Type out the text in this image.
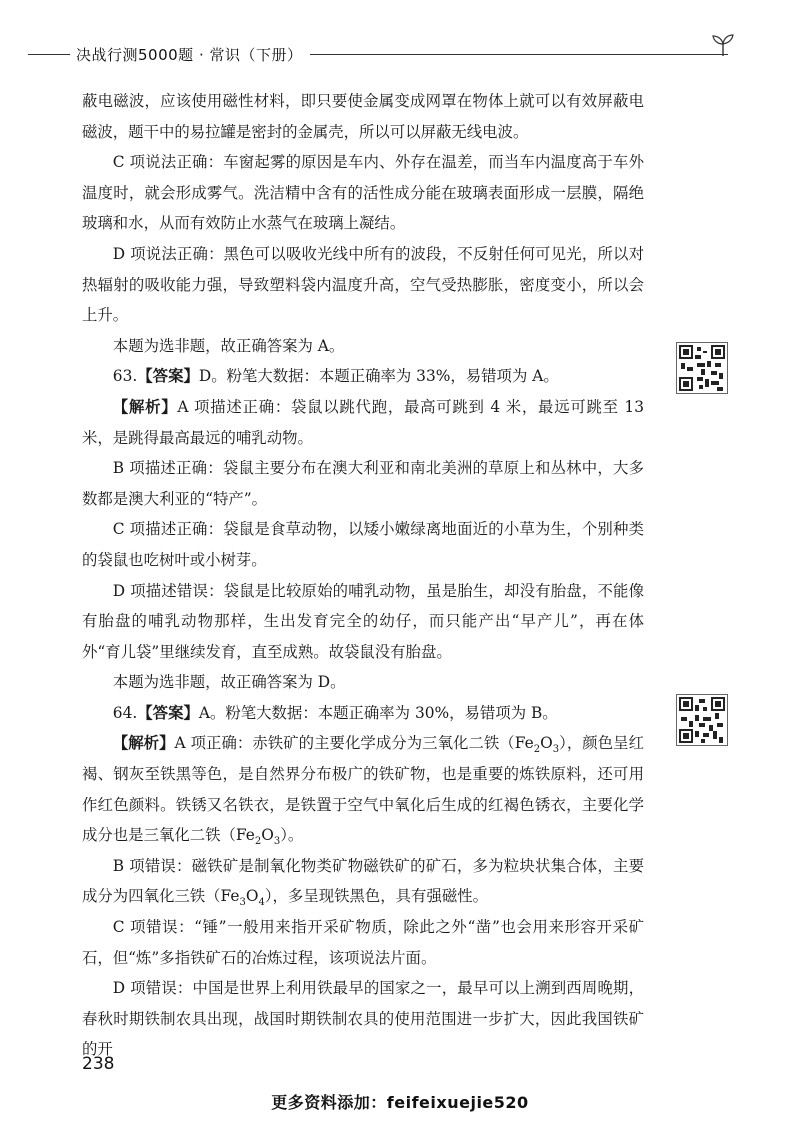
决战行测5000题 · 常识（下册）

蔽电磁波，应该使用磁性材料，即只要使金属变成网罩在物体上就可以有效屏蔽电磁波，题干中的易拉罐是密封的金属壳，所以可以屏蔽无线电波。

C 项说法正确：车窗起雾的原因是车内、外存在温差，而当车内温度高于车外温度时，就会形成雾气。洗洁精中含有的活性成分能在玻璃表面形成一层膜，隔绝玻璃和水，从而有效防止水蒸气在玻璃上凝结。

D 项说法正确：黑色可以吸收光线中所有的波段，不反射任何可见光，所以对热辐射的吸收能力强，导致塑料袋内温度升高，空气受热膨胀，密度变小，所以会上升。

本题为选非题，故正确答案为 A。

63.【答案】D。粉笔大数据：本题正确率为 33%，易错项为 A。

【解析】A 项描述正确：袋鼠以跳代跑，最高可跳到 4 米，最远可跳至 13 米，是跳得最高最远的哺乳动物。

B 项描述正确：袋鼠主要分布在澳大利亚和南北美洲的草原上和丛林中，大多数都是澳大利亚的“特产”。

C 项描述正确：袋鼠是食草动物，以矮小嫩绿离地面近的小草为生，个别种类的袋鼠也吃树叶或小树芽。

D 项描述错误：袋鼠是比较原始的哺乳动物，虽是胎生，却没有胎盘，不能像有胎盘的哺乳动物那样，生出发育完全的幼仔，而只能产出“早产儿”，再在体外“育儿袋”里继续发育，直至成熟。故袋鼠没有胎盘。

本题为选非题，故正确答案为 D。

64.【答案】A。粉笔大数据：本题正确率为 30%，易错项为 B。

【解析】A 项正确：赤铁矿的主要化学成分为三氧化二铁$(Fe_2O_3)$，颜色呈红褐、钢灰至铁黑等色，是自然界分布极广的铁矿物，也是重要的炼铁原料，还可用作红色颜料。铁锈又名铁衣，是铁置于空气中氧化后生成的红褐色锈衣，主要化学成分也是三氧化二铁$(Fe_2O_3)$。

B 项错误：磁铁矿是制氧化物类矿物磁铁矿的矿石，多为粒块状集合体，主要成分为四氧化三铁$(Fe_3O_4)$，多呈现铁黑色，具有强磁性。

C 项错误：“锤”一般用来指开采矿物质，除此之外“凿”也会用来形容开采矿石，但“炼”多指铁矿石的冶炼过程，该项说法片面。

D 项错误：中国是世界上利用铁最早的国家之一，最早可以上溯到西周晚期，春秋时期铁制农具出现，战国时期铁制农具的使用范围进一步扩大，因此我国铁矿的开

238
更多资料添加：feifeixuejie520
